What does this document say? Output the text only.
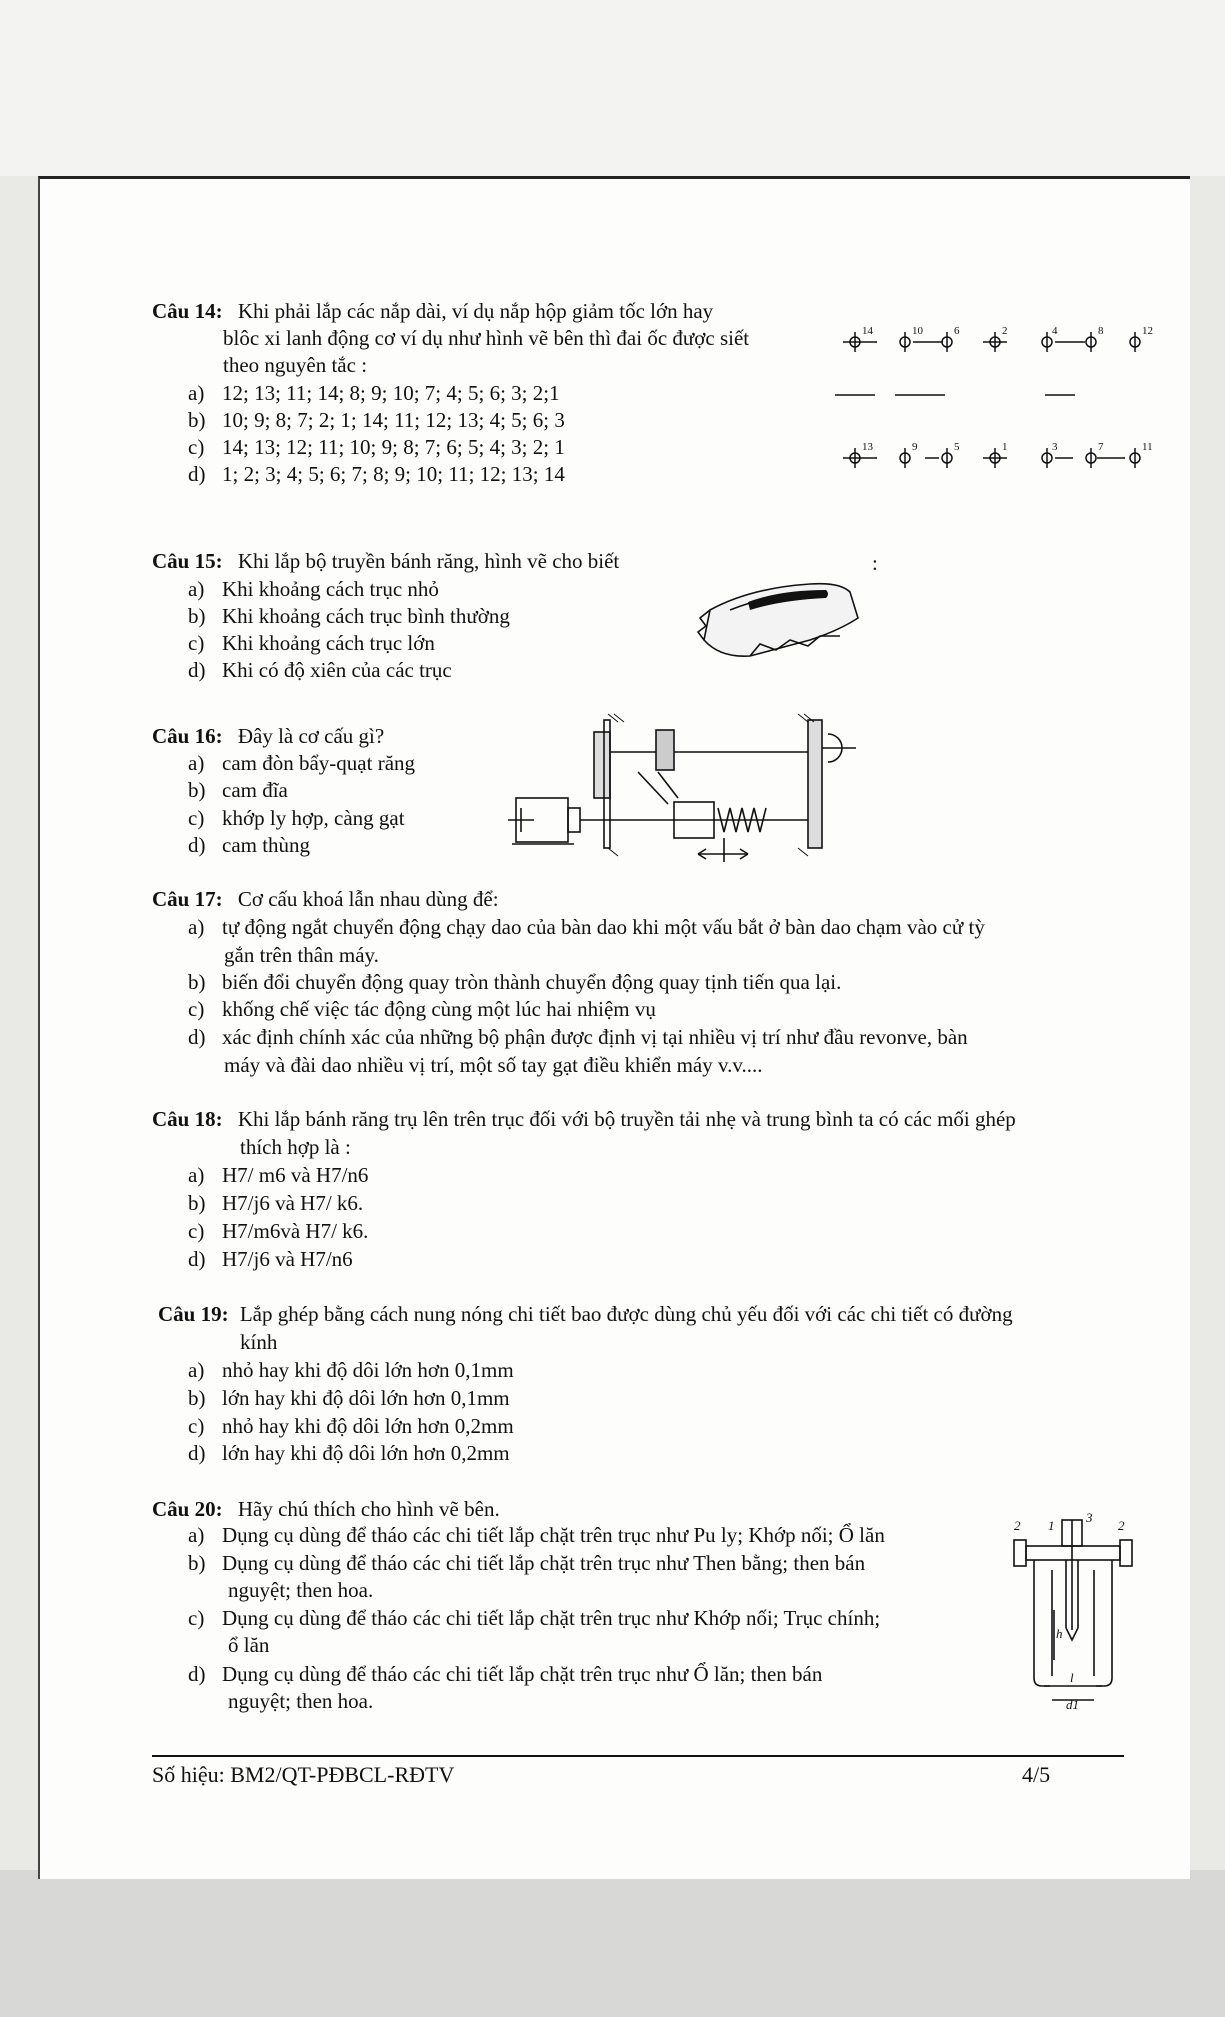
Câu 14: Khi phải lắp các nắp dài, ví dụ nắp hộp giảm tốc lớn hay
blôc xi lanh động cơ ví dụ như hình vẽ bên thì đai ốc được siết
theo nguyên tắc :
a) 12; 13; 11; 14; 8; 9; 10; 7; 4; 5; 6; 3; 2;1
b) 10; 9; 8; 7; 2; 1; 14; 11; 12; 13; 4; 5; 6; 3
c) 14; 13; 12; 11; 10; 9; 8; 7; 6; 5; 4; 3; 2; 1
d) 1; 2; 3; 4; 5; 6; 7; 8; 9; 10; 11; 12; 13; 14
14	10	6	2	4	8	12
13	9	5	1	3	7	11
Câu 15: Khi lắp bộ truyền bánh răng, hình vẽ cho biết	:
a) Khi khoảng cách trục nhỏ
b) Khi khoảng cách trục bình thường
c) Khi khoảng cách trục lớn
d) Khi có độ xiên của các trục
Câu 16: Đây là cơ cấu gì?
a) cam đòn bẩy-quạt răng
b) cam đĩa
c) khớp ly hợp, càng gạt
d) cam thùng
Câu 17: Cơ cấu khoá lẫn nhau dùng để:
a) tự động ngắt chuyển động chạy dao của bàn dao khi một vấu bắt ở bàn dao chạm vào cử tỳ
gắn trên thân máy.
b) biến đổi chuyển động quay tròn thành chuyển động quay tịnh tiến qua lại.
c) khống chế việc tác động cùng một lúc hai nhiệm vụ
d) xác định chính xác của những bộ phận được định vị tại nhiều vị trí như đầu revonve, bàn
máy và đài dao nhiều vị trí, một số tay gạt điều khiển máy v.v....
Câu 18: Khi lắp bánh răng trụ lên trên trục đối với bộ truyền tải nhẹ và trung bình ta có các mối ghép
thích hợp là :
a) H7/ m6 và H7/n6
b) H7/j6 và H7/ k6.
c) H7/m6và H7/ k6.
d) H7/j6 và H7/n6
Câu 19: Lắp ghép bằng cách nung nóng chi tiết bao được dùng chủ yếu đối với các chi tiết có đường
kính
a) nhỏ hay khi độ dôi lớn hơn 0,1mm
b) lớn hay khi độ dôi lớn hơn 0,1mm
c) nhỏ hay khi độ dôi lớn hơn 0,2mm
d) lớn hay khi độ dôi lớn hơn 0,2mm
Câu 20: Hãy chú thích cho hình vẽ bên.
a) Dụng cụ dùng để tháo các chi tiết lắp chặt trên trục như Pu ly; Khớp nối; Ổ lăn
b) Dụng cụ dùng để tháo các chi tiết lắp chặt trên trục như Then bằng; then bán
nguyệt; then hoa.
c) Dụng cụ dùng để tháo các chi tiết lắp chặt trên trục như Khớp nối; Trục chính;
ổ lăn
d) Dụng cụ dùng để tháo các chi tiết lắp chặt trên trục như Ổ lăn; then bán
nguyệt; then hoa.
2 1
3
2
h
l
d1
Số hiệu: BM2/QT-PĐBCL-RĐTV	4/5
